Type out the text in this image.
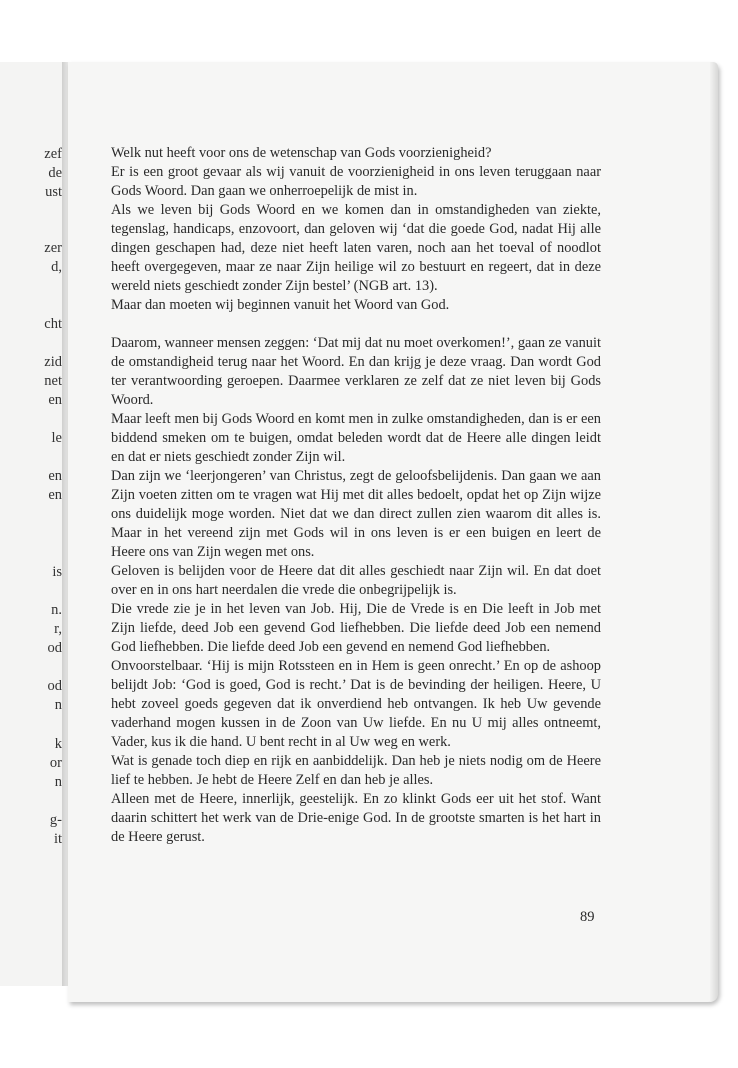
zef
de
ust
zer
d,
cht
zid
net
en
le
en
en
is
n.
r,
od
od
n
k
or
n
g-
it

Welk nut heeft voor ons de wetenschap van Gods voorzienigheid?

Er is een groot gevaar als wij vanuit de voorzienigheid in ons leven teruggaan naar Gods Woord. Dan gaan we onherroepelijk de mist in.

Als we leven bij Gods Woord en we komen dan in omstandigheden van ziekte, tegenslag, handicaps, enzovoort, dan geloven wij ‘dat die goede God, nadat Hij alle dingen geschapen had, deze niet heeft laten varen, noch aan het toeval of noodlot heeft overgegeven, maar ze naar Zijn heilige wil zo bestuurt en regeert, dat in deze wereld niets geschiedt zonder Zijn bestel’ (NGB art. 13).

Maar dan moeten wij beginnen vanuit het Woord van God.

Daarom, wanneer mensen zeggen: ‘Dat mij dat nu moet overkomen!’, gaan ze vanuit de omstandigheid terug naar het Woord. En dan krijg je deze vraag. Dan wordt God ter verantwoording geroepen. Daarmee verklaren ze zelf dat ze niet leven bij Gods Woord.

Maar leeft men bij Gods Woord en komt men in zulke omstandigheden, dan is er een biddend smeken om te buigen, omdat beleden wordt dat de Heere alle dingen leidt en dat er niets geschiedt zonder Zijn wil.

Dan zijn we ‘leerjongeren’ van Christus, zegt de geloofsbelijdenis. Dan gaan we aan Zijn voeten zitten om te vragen wat Hij met dit alles bedoelt, opdat het op Zijn wijze ons duidelijk moge worden. Niet dat we dan direct zullen zien waarom dit alles is. Maar in het vereend zijn met Gods wil in ons leven is er een buigen en leert de Heere ons van Zijn wegen met ons.

Geloven is belijden voor de Heere dat dit alles geschiedt naar Zijn wil. En dat doet over en in ons hart neerdalen die vrede die onbegrijpelijk is.

Die vrede zie je in het leven van Job. Hij, Die de Vrede is en Die leeft in Job met Zijn liefde, deed Job een gevend God liefhebben. Die liefde deed Job een nemend God liefhebben. Die liefde deed Job een gevend en nemend God liefhebben.

Onvoorstelbaar. ‘Hij is mijn Rotssteen en in Hem is geen onrecht.’ En op de ashoop belijdt Job: ‘God is goed, God is recht.’ Dat is de bevinding der heiligen. Heere, U hebt zoveel goeds gegeven dat ik onverdiend heb ontvangen. Ik heb Uw gevende vaderhand mogen kussen in de Zoon van Uw liefde. En nu U mij alles ontneemt, Vader, kus ik die hand. U bent recht in al Uw weg en werk.

Wat is genade toch diep en rijk en aanbiddelijk. Dan heb je niets nodig om de Heere lief te hebben. Je hebt de Heere Zelf en dan heb je alles.

Alleen met de Heere, innerlijk, geestelijk. En zo klinkt Gods eer uit het stof. Want daarin schittert het werk van de Drie-enige God. In de grootste smarten is het hart in de Heere gerust.

89
